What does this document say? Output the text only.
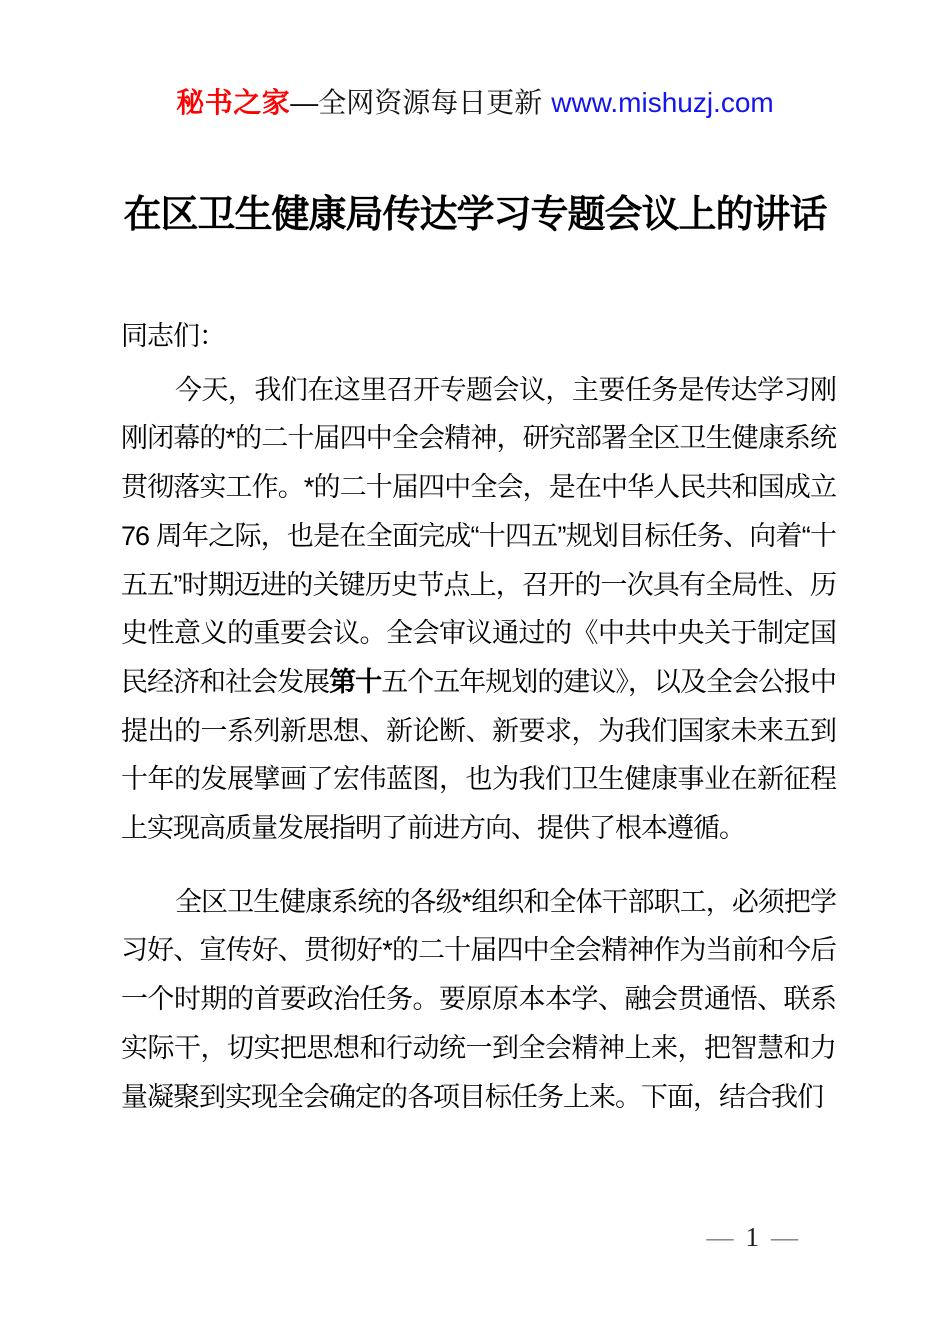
秘书之家—全网资源每日更新 www.mishuzj.com
在区卫生健康局传达学习专题会议上的讲话

同志们：

今天，我们在这里召开专题会议，主要任务是传达学习刚刚闭幕的*的二十届四中全会精神，研究部署全区卫生健康系统贯彻落实工作。*的二十届四中全会，是在中华人民共和国成立76 周年之际，也是在全面完成“十四五”规划目标任务、向着“十五五”时期迈进的关键历史节点上，召开的一次具有全局性、历史性意义的重要会议。全会审议通过的《中共中央关于制定国民经济和社会发展第十五个五年规划的建议》，以及全会公报中提出的一系列新思想、新论断、新要求，为我们国家未来五到十年的发展擘画了宏伟蓝图，也为我们卫生健康事业在新征程上实现高质量发展指明了前进方向、提供了根本遵循。

全区卫生健康系统的各级*组织和全体干部职工，必须把学习好、宣传好、贯彻好*的二十届四中全会精神作为当前和今后一个时期的首要政治任务。要原原本本学、融会贯通悟、联系实际干，切实把思想和行动统一到全会精神上来，把智慧和力量凝聚到实现全会确定的各项目标任务上来。下面，结合我们

— 1 —
